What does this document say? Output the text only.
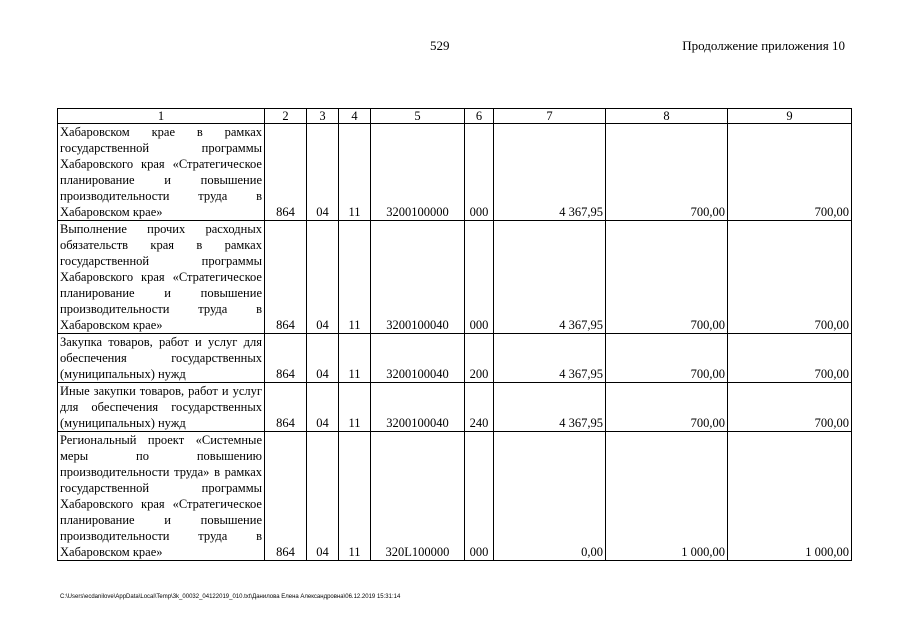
529	Продолжение приложения 10
1	2	3	4	5	6	7	8	9
Хабаровском крае в рамках государственной программы Хабаровского края «Стратегическое планирование и повышение производительности труда в Хабаровском крае»	864	04	11	3200100000	000	4 367,95	700,00	700,00
Выполнение прочих расходных обязательств края в рамках государственной программы Хабаровского края «Стратегическое планирование и повышение производительности труда в Хабаровском крае»	864	04	11	3200100040	000	4 367,95	700,00	700,00
Закупка товаров, работ и услуг для обеспечения государственных (муниципальных) нужд	864	04	11	3200100040	200	4 367,95	700,00	700,00
Иные закупки товаров, работ и услуг для обеспечения государственных (муниципальных) нужд	864	04	11	3200100040	240	4 367,95	700,00	700,00
Региональный проект «Системные меры по повышению производительности труда» в рамках государственной программы Хабаровского края «Стратегическое планирование и повышение производительности труда в Хабаровском крае»	864	04	11	320L100000	000	0,00	1 000,00	1 000,00
C:\Users\eсdanilove\AppData\Local\Temp\3k_00032_04122019_010.txt\Данилова Елена Александровна\06.12.2019 15:31:14
